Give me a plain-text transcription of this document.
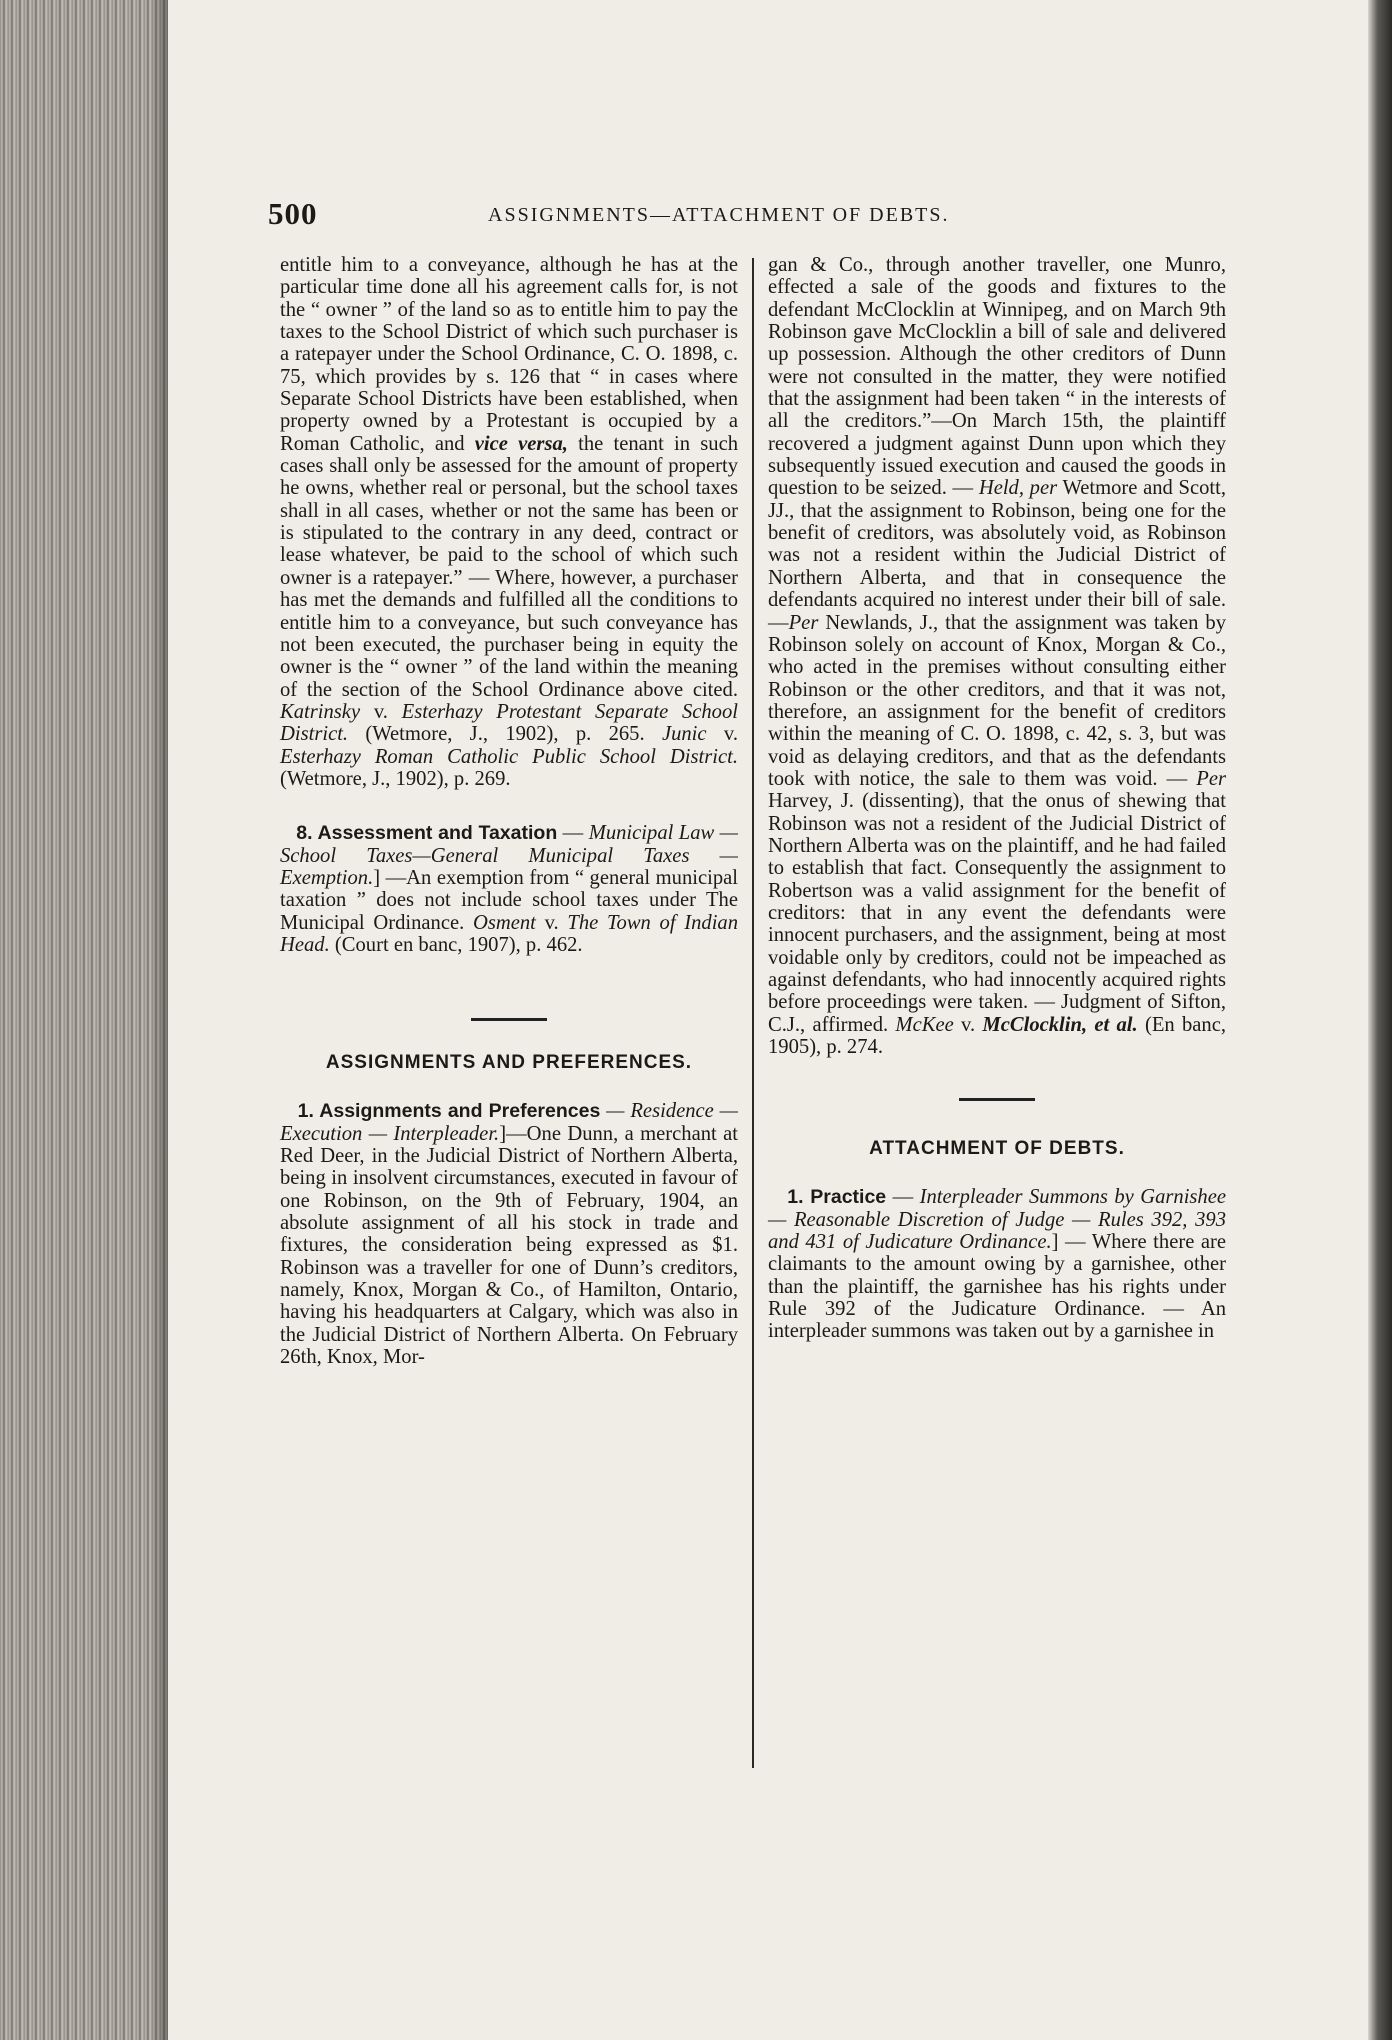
500	ASSIGNMENTS—ATTACHMENT OF DEBTS.

entitle him to a conveyance, although he has at the particular time done all his agreement calls for, is not the “ owner ” of the land so as to entitle him to pay the taxes to the School District of which such purchaser is a ratepayer under the School Ordinance, C. O. 1898, c. 75, which provides by s. 126 that “ in cases where Separate School Districts have been established, when property owned by a Protestant is occupied by a Roman Catholic, and vice versa, the tenant in such cases shall only be assessed for the amount of property he owns, whether real or personal, but the school taxes shall in all cases, whether or not the same has been or is stipulated to the contrary in any deed, contract or lease whatever, be paid to the school of which such owner is a ratepayer.” — Where, however, a purchaser has met the demands and fulfilled all the conditions to entitle him to a conveyance, but such conveyance has not been executed, the purchaser being in equity the owner is the “ owner ” of the land within the meaning of the section of the School Ordinance above cited. Katrinsky v. Esterhazy Protestant Separate School District. (Wetmore, J., 1902), p. 265. Junic v. Esterhazy Roman Catholic Public School District. (Wetmore, J., 1902), p. 269.

8. Assessment and Taxation — Municipal Law — School Taxes—General Municipal Taxes — Exemption.] —An exemption from “ general municipal taxation ” does not include school taxes under The Municipal Ordinance. Osment v. The Town of Indian Head. (Court en banc, 1907), p. 462.

ASSIGNMENTS AND PREFERENCES.

1. Assignments and Preferences — Residence — Execution — Interpleader.]—One Dunn, a merchant at Red Deer, in the Judicial District of Northern Alberta, being in insolvent circumstances, executed in favour of one Robinson, on the 9th of February, 1904, an absolute assignment of all his stock in trade and fixtures, the consideration being expressed as $1. Robinson was a traveller for one of Dunn’s creditors, namely, Knox, Morgan & Co., of Hamilton, Ontario, having his headquarters at Calgary, which was also in the Judicial District of Northern Alberta. On February 26th, Knox, Mor-

gan & Co., through another traveller, one Munro, effected a sale of the goods and fixtures to the defendant McClocklin at Winnipeg, and on March 9th Robinson gave McClocklin a bill of sale and delivered up possession. Although the other creditors of Dunn were not consulted in the matter, they were notified that the assignment had been taken “ in the interests of all the creditors.”—On March 15th, the plaintiff recovered a judgment against Dunn upon which they subsequently issued execution and caused the goods in question to be seized. — Held, per Wetmore and Scott, JJ., that the assignment to Robinson, being one for the benefit of creditors, was absolutely void, as Robinson was not a resident within the Judicial District of Northern Alberta, and that in consequence the defendants acquired no interest under their bill of sale.—Per Newlands, J., that the assignment was taken by Robinson solely on account of Knox, Morgan & Co., who acted in the premises without consulting either Robinson or the other creditors, and that it was not, therefore, an assignment for the benefit of creditors within the meaning of C. O. 1898, c. 42, s. 3, but was void as delaying creditors, and that as the defendants took with notice, the sale to them was void. — Per Harvey, J. (dissenting), that the onus of shewing that Robinson was not a resident of the Judicial District of Northern Alberta was on the plaintiff, and he had failed to establish that fact. Consequently the assignment to Robertson was a valid assignment for the benefit of creditors: that in any event the defendants were innocent purchasers, and the assignment, being at most voidable only by creditors, could not be impeached as against defendants, who had innocently acquired rights before proceedings were taken. — Judgment of Sifton, C.J., affirmed. McKee v. McClocklin, et al. (En banc, 1905), p. 274.

ATTACHMENT OF DEBTS.

1. Practice — Interpleader Summons by Garnishee — Reasonable Discretion of Judge — Rules 392, 393 and 431 of Judicature Ordinance.] — Where there are claimants to the amount owing by a garnishee, other than the plaintiff, the garnishee has his rights under Rule 392 of the Judicature Ordinance. — An interpleader summons was taken out by a garnishee in
